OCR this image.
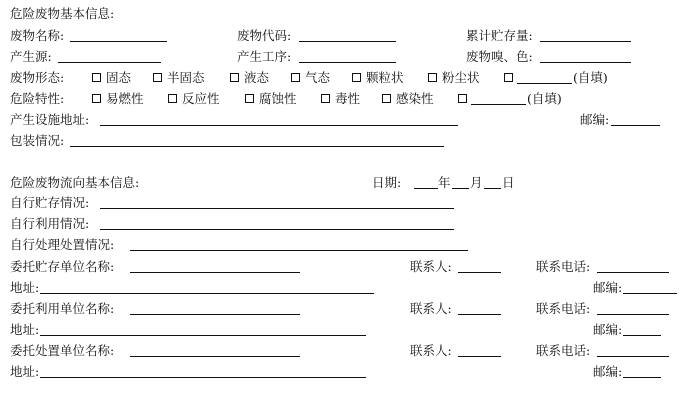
危险废物基本信息:
废物名称:	废物代码:	累计贮存量:
产生源:	产生工序:	废物嗅、色:
废物形态:	固态	半固态	液态	气态	颗粒状	粉尘状	(自填)
危险特性:	易燃性	反应性	腐蚀性	毒性	感染性	(自填)
产生设施地址:	邮编:
包装情况:
危险废物流向基本信息:	日期:	年 月 日
自行贮存情况:
自行利用情况:
自行处理处置情况:
委托贮存单位名称:	联系人:	联系电话:
地址:	邮编:
委托利用单位名称:	联系人:	联系电话:
地址:	邮编:
委托处置单位名称:	联系人:	联系电话:
地址:	邮编:
